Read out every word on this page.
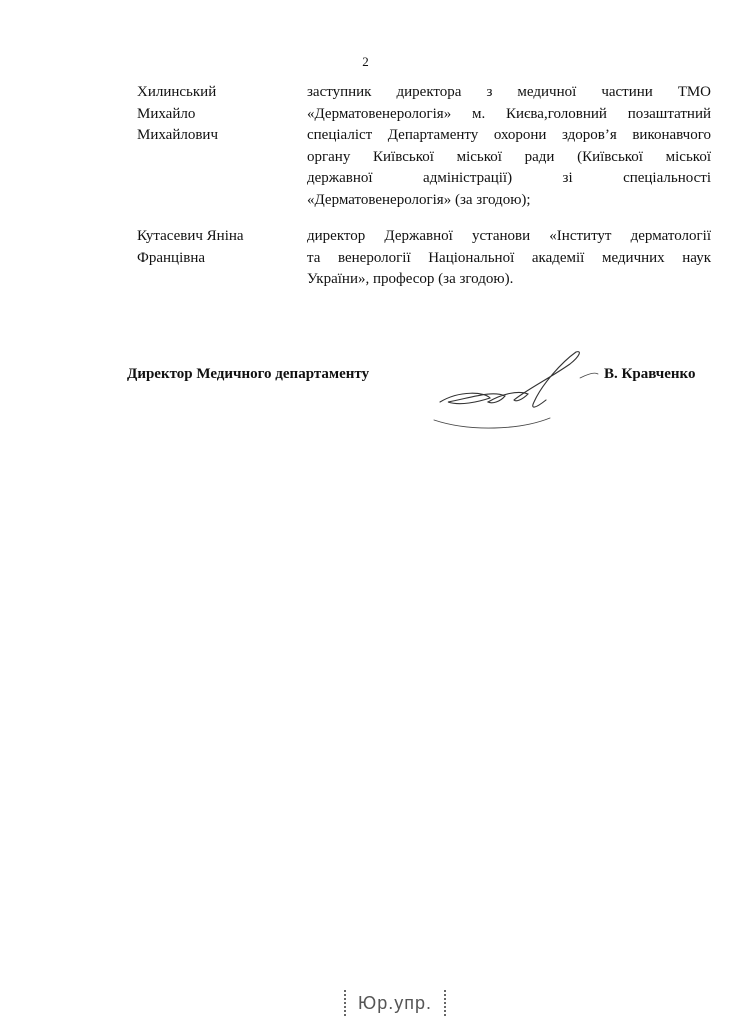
2
Хилинський
Михайло
Михайлович
заступник директора з медичної частини ТМО
«Дерматовенерологія» м. Києва,головний позаштатний
спеціаліст Департаменту охорони здоров’я виконавчого
органу Київської міської ради (Київської міської
державної адміністрації) зі спеціальності
«Дерматовенерологія» (за згодою);
Кутасевич Яніна
Францівна
директор Державної установи «Інститут дерматології
та венерології Національної академії медичних наук
України», професор (за згодою).
Директор Медичного департаменту	В. Кравченко
Юр.упр.
